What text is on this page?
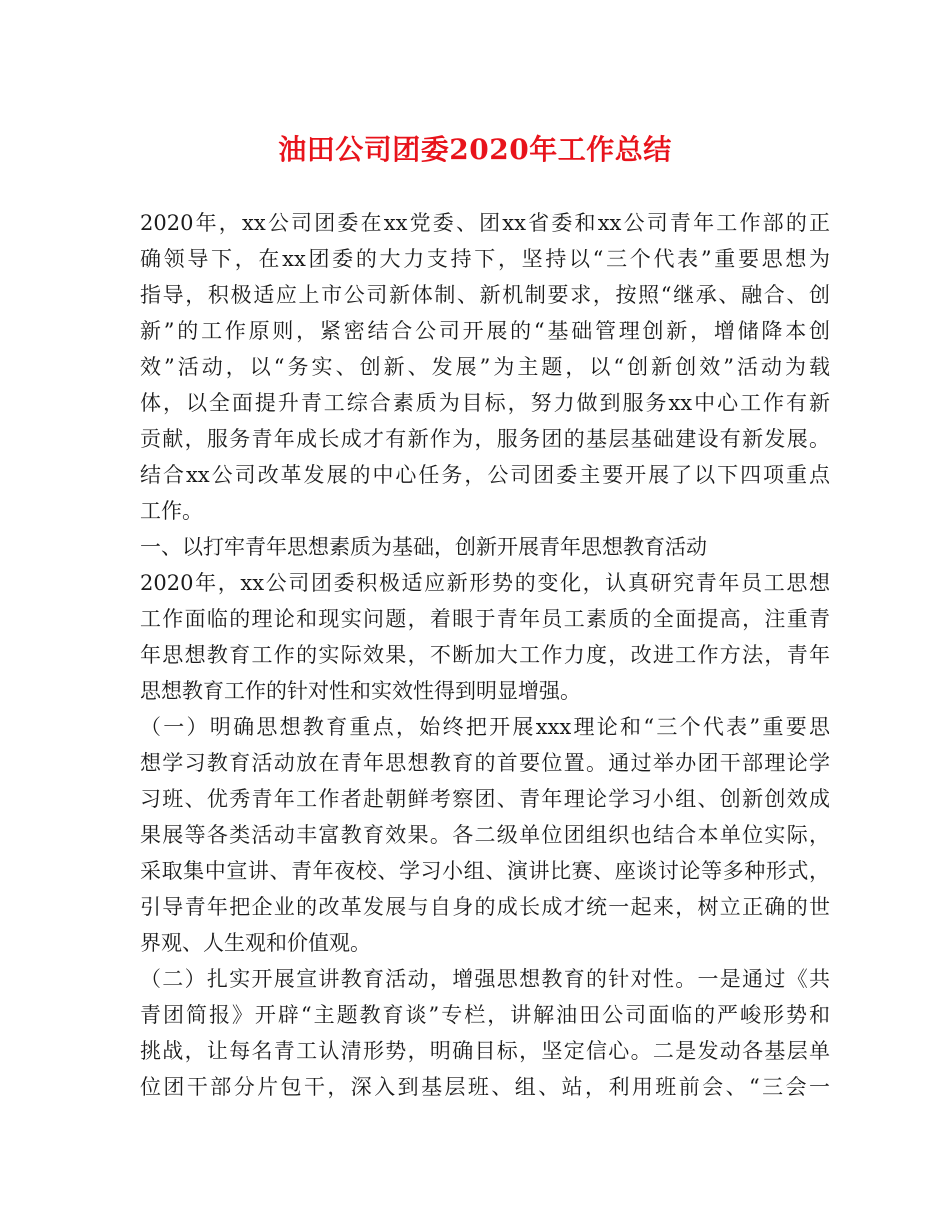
油田公司团委2020年工作总结
2020年，xx公司团委在xx党委、团xx省委和xx公司青年工作部的正
确领导下，在xx团委的大力支持下，坚持以“三个代表”重要思想为
指导，积极适应上市公司新体制、新机制要求，按照“继承、融合、创
新”的工作原则，紧密结合公司开展的“基础管理创新，增储降本创
效”活动，以“务实、创新、发展”为主题，以“创新创效”活动为载
体，以全面提升青工综合素质为目标，努力做到服务xx中心工作有新
贡献，服务青年成长成才有新作为，服务团的基层基础建设有新发展。
结合xx公司改革发展的中心任务，公司团委主要开展了以下四项重点
工作。
一、以打牢青年思想素质为基础，创新开展青年思想教育活动
2020年，xx公司团委积极适应新形势的变化，认真研究青年员工思想
工作面临的理论和现实问题，着眼于青年员工素质的全面提高，注重青
年思想教育工作的实际效果，不断加大工作力度，改进工作方法，青年
思想教育工作的针对性和实效性得到明显增强。
（一）明确思想教育重点，始终把开展xxx理论和“三个代表”重要思
想学习教育活动放在青年思想教育的首要位置。通过举办团干部理论学
习班、优秀青年工作者赴朝鲜考察团、青年理论学习小组、创新创效成
果展等各类活动丰富教育效果。各二级单位团组织也结合本单位实际，
采取集中宣讲、青年夜校、学习小组、演讲比赛、座谈讨论等多种形式，
引导青年把企业的改革发展与自身的成长成才统一起来，树立正确的世
界观、人生观和价值观。
（二）扎实开展宣讲教育活动，增强思想教育的针对性。一是通过《共
青团简报》开辟“主题教育谈”专栏，讲解油田公司面临的严峻形势和
挑战，让每名青工认清形势，明确目标，坚定信心。二是发动各基层单
位团干部分片包干，深入到基层班、组、站，利用班前会、“三会一
